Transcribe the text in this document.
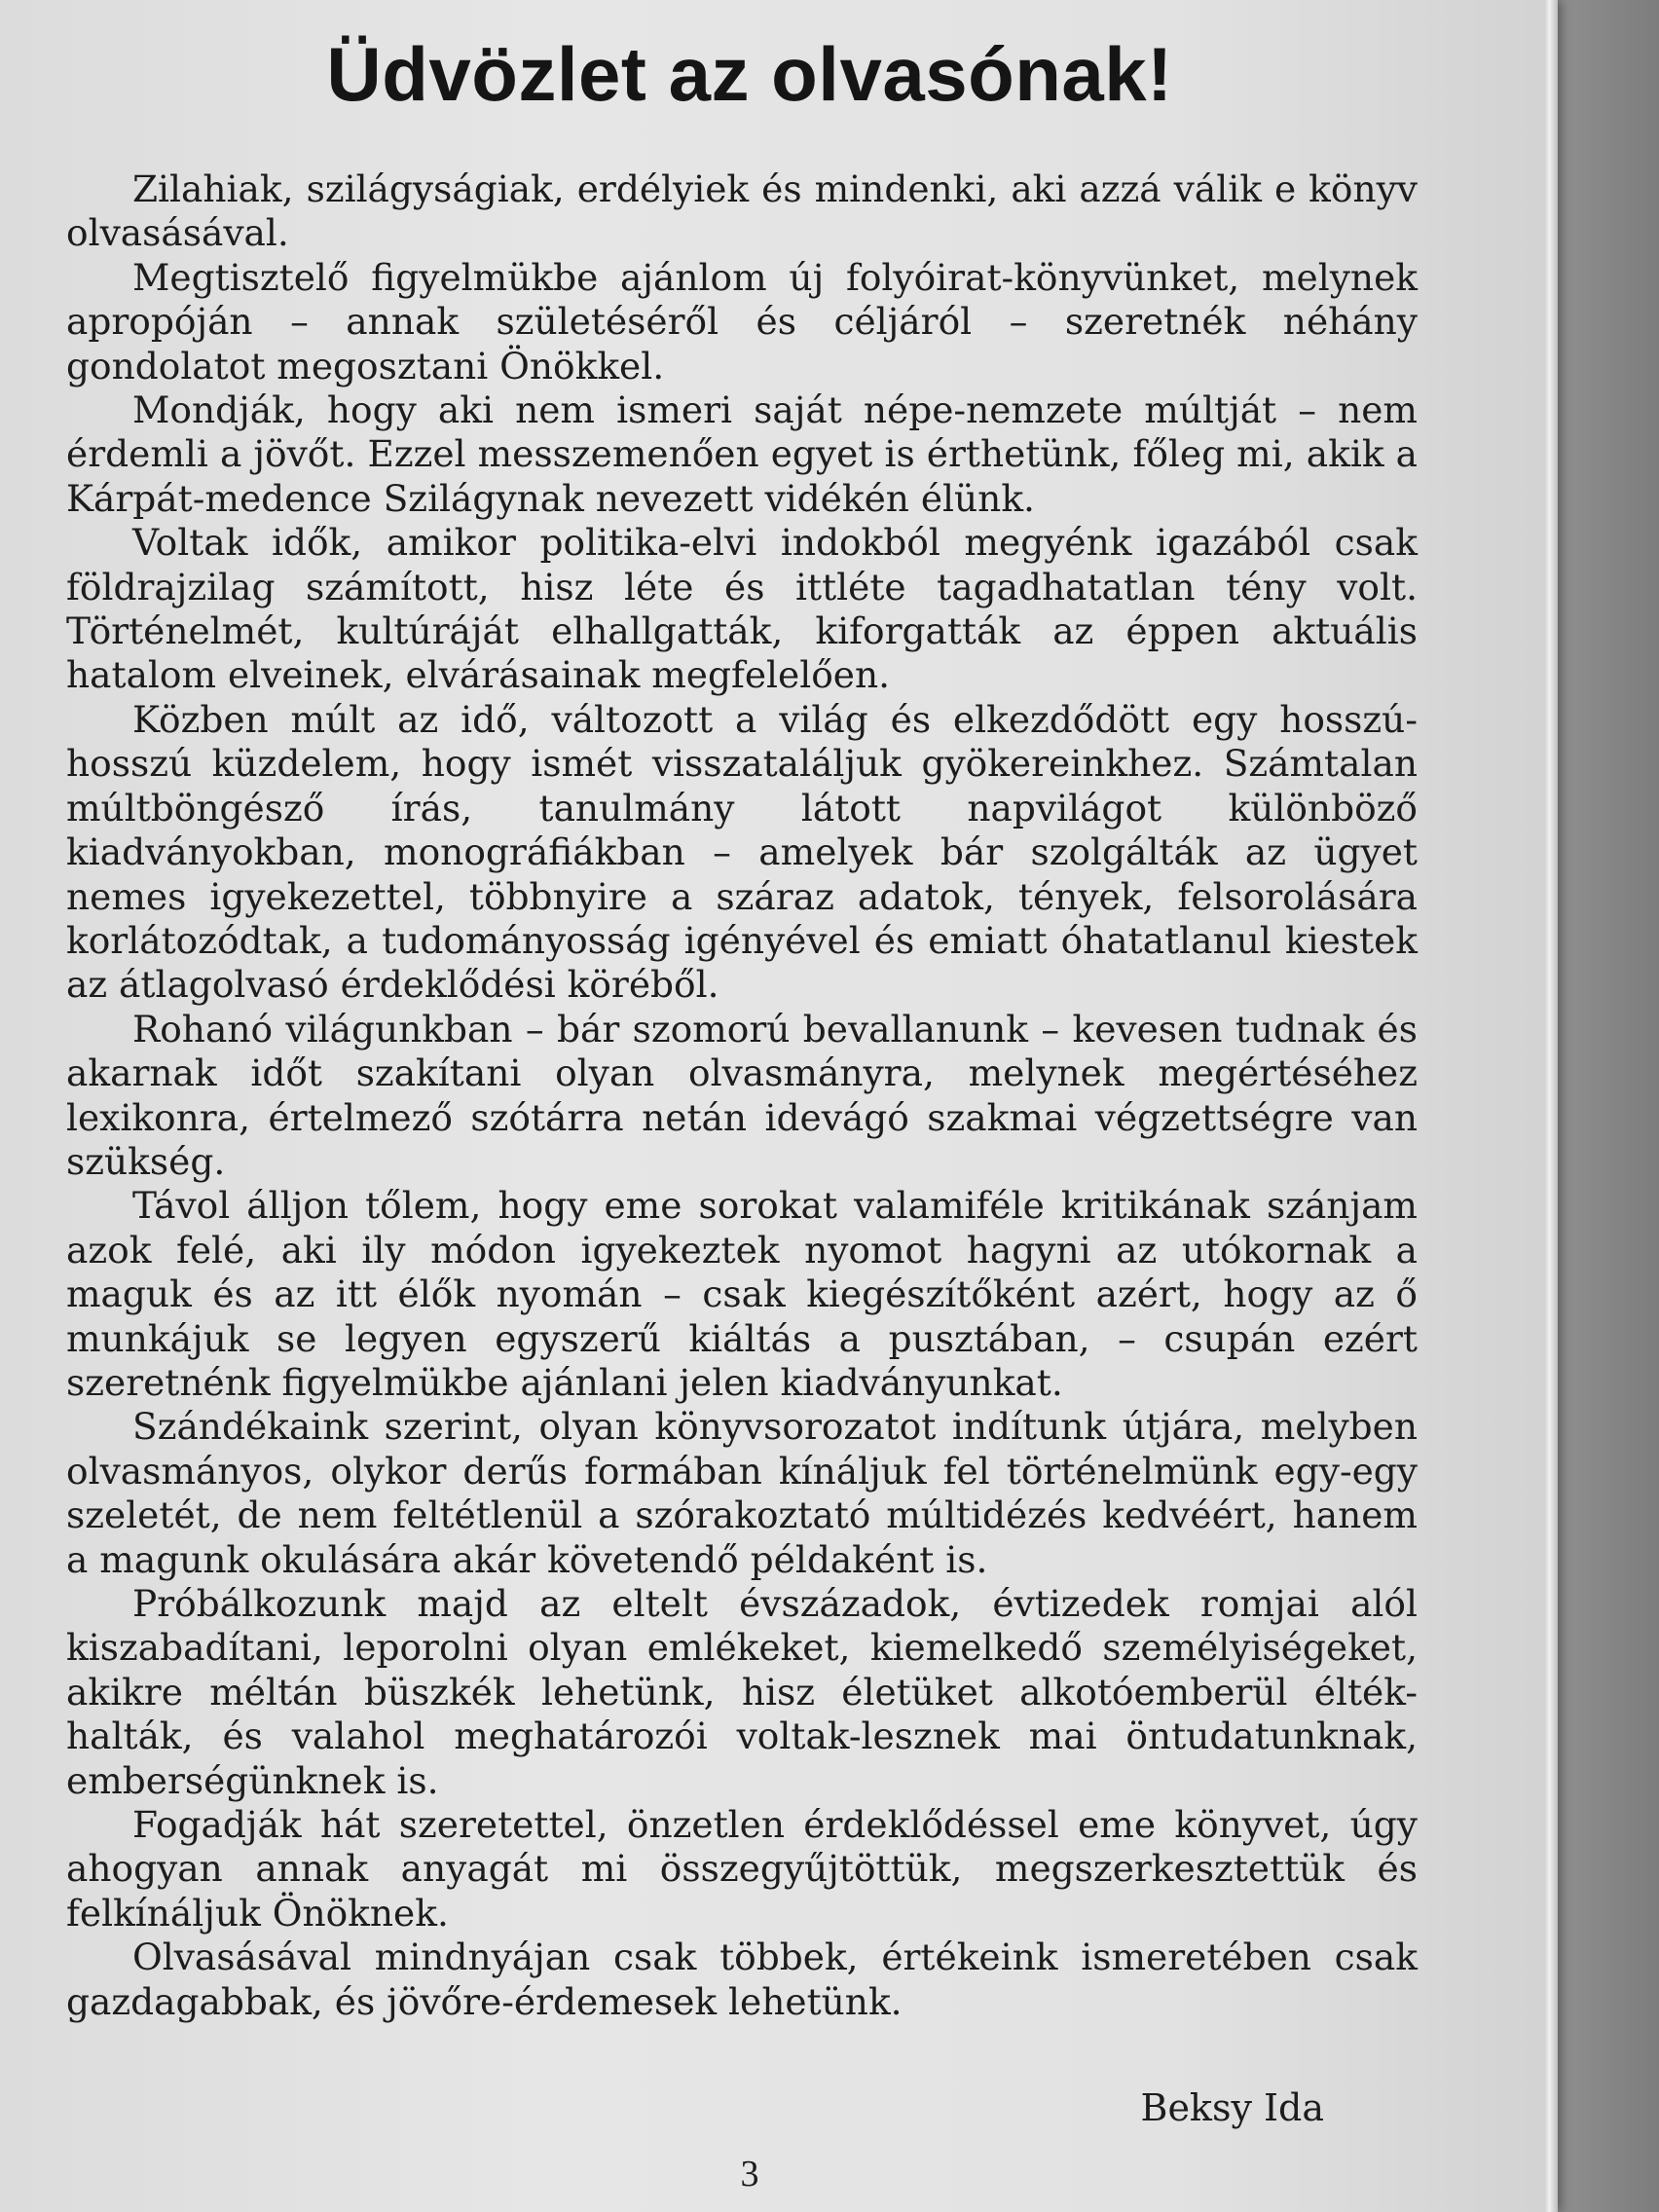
Üdvözlet az olvasónak!

Zilahiak, szilágyságiak, erdélyiek és mindenki, aki azzá válik e könyv olvasásával.

Megtisztelő figyelmükbe ajánlom új folyóirat-könyvünket, melynek apropóján – annak születéséről és céljáról – szeretnék néhány gondolatot megosztani Önökkel.

Mondják, hogy aki nem ismeri saját népe-nemzete múltját – nem érdemli a jövőt. Ezzel messzemenően egyet is érthetünk, főleg mi, akik a Kárpát-medence Szilágynak nevezett vidékén élünk.

Voltak idők, amikor politika-elvi indokból megyénk igazából csak földrajzilag számított, hisz léte és ittléte tagadhatatlan tény volt. Történelmét, kultúráját elhallgatták, kiforgatták az éppen aktuális hatalom elveinek, elvárásainak megfelelően.

Közben múlt az idő, változott a világ és elkezdődött egy hosszú-hosszú küzdelem, hogy ismét visszataláljuk gyökereinkhez. Számtalan múltböngésző írás, tanulmány látott napvilágot különböző kiadványokban, monográfiákban – amelyek bár szolgálták az ügyet nemes igyekezettel, többnyire a száraz adatok, tények, felsorolására korlátozódtak, a tudományosság igényével és emiatt óhatatlanul kiestek az átlagolvasó érdeklődési köréből.

Rohanó világunkban – bár szomorú bevallanunk – kevesen tudnak és akarnak időt szakítani olyan olvasmányra, melynek megértéséhez lexikonra, értelmező szótárra netán idevágó szakmai végzettségre van szükség.

Távol álljon tőlem, hogy eme sorokat valamiféle kritikának szánjam azok felé, aki ily módon igyekeztek nyomot hagyni az utókornak a maguk és az itt élők nyomán – csak kiegészítőként azért, hogy az ő munkájuk se legyen egyszerű kiáltás a pusztában, – csupán ezért szeretnénk figyelmükbe ajánlani jelen kiadványunkat.

Szándékaink szerint, olyan könyvsorozatot indítunk útjára, melyben olvasmányos, olykor derűs formában kínáljuk fel történelmünk egy-egy szeletét, de nem feltétlenül a szórakoztató múltidézés kedvéért, hanem a magunk okulására akár követendő példaként is.

Próbálkozunk majd az eltelt évszázadok, évtizedek romjai alól kiszabadítani, leporolni olyan emlékeket, kiemelkedő személyiségeket, akikre méltán büszkék lehetünk, hisz életüket alkotóemberül élték-halták, és valahol meghatározói voltak-lesznek mai öntudatunknak, emberségünknek is.

Fogadják hát szeretettel, önzetlen érdeklődéssel eme könyvet, úgy ahogyan annak anyagát mi összegyűjtöttük, megszerkesztettük és felkínáljuk Önöknek.

Olvasásával mindnyájan csak többek, értékeink ismeretében csak gazdagabbak, és jövőre-érdemesek lehetünk.

Beksy Ida

3
